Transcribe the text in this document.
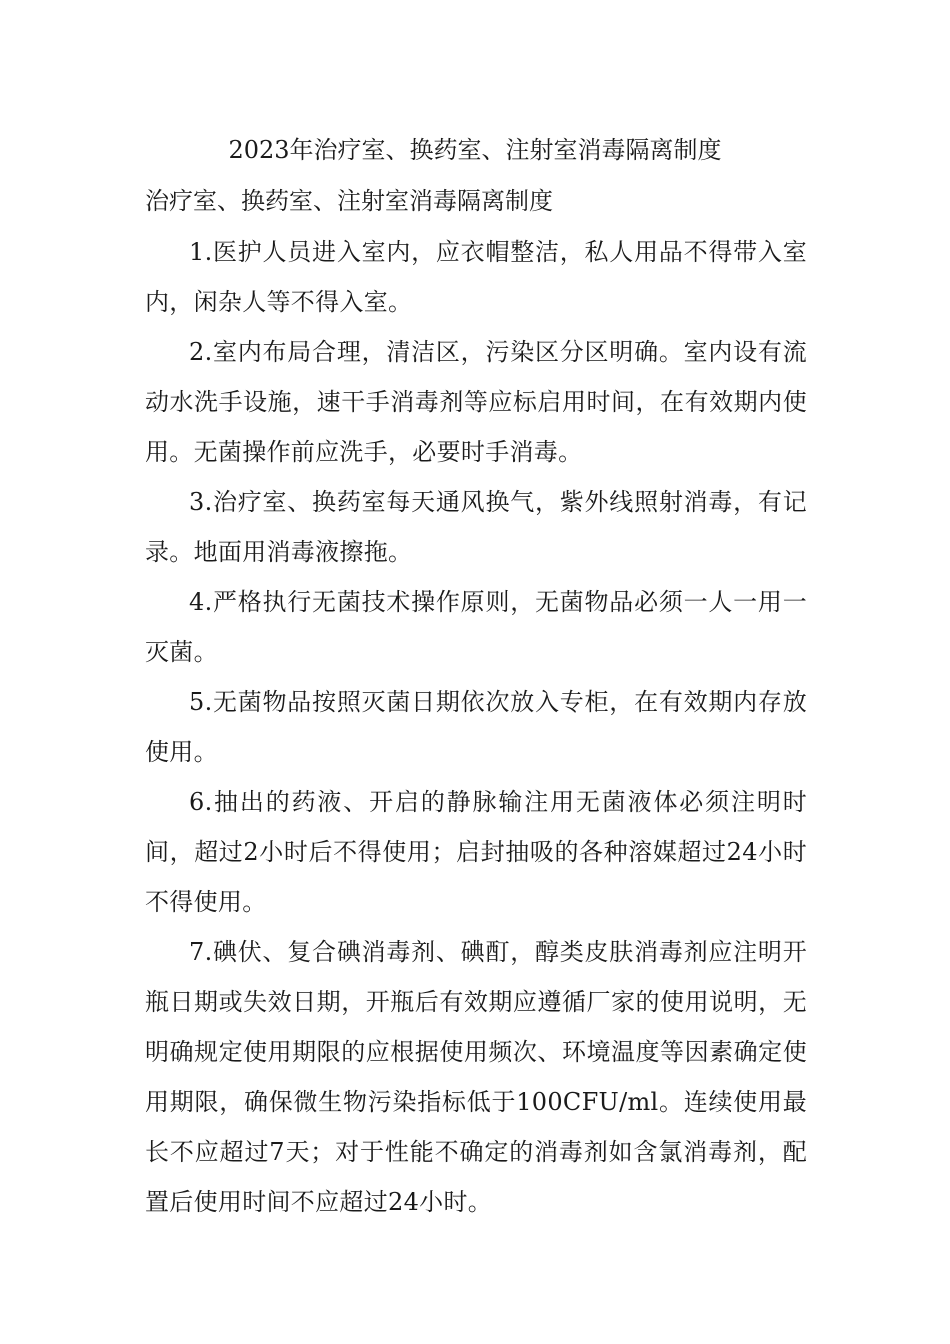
2023年治疗室、换药室、注射室消毒隔离制度

治疗室、换药室、注射室消毒隔离制度

1.医护人员进入室内，应衣帽整洁，私人用品不得带入室内，闲杂人等不得入室。

2.室内布局合理，清洁区，污染区分区明确。室内设有流动水洗手设施，速干手消毒剂等应标启用时间，在有效期内使用。无菌操作前应洗手，必要时手消毒。

3.治疗室、换药室每天通风换气，紫外线照射消毒，有记录。地面用消毒液擦拖。

4.严格执行无菌技术操作原则，无菌物品必须一人一用一灭菌。

5.无菌物品按照灭菌日期依次放入专柜，在有效期内存放使用。

6.抽出的药液、开启的静脉输注用无菌液体必须注明时间，超过2小时后不得使用；启封抽吸的各种溶媒超过24小时不得使用。

7.碘伏、复合碘消毒剂、碘酊，醇类皮肤消毒剂应注明开瓶日期或失效日期，开瓶后有效期应遵循厂家的使用说明，无明确规定使用期限的应根据使用频次、环境温度等因素确定使用期限，确保微生物污染指标低于100CFU/ml。连续使用最长不应超过7天；对于性能不确定的消毒剂如含氯消毒剂，配置后使用时间不应超过24小时。
